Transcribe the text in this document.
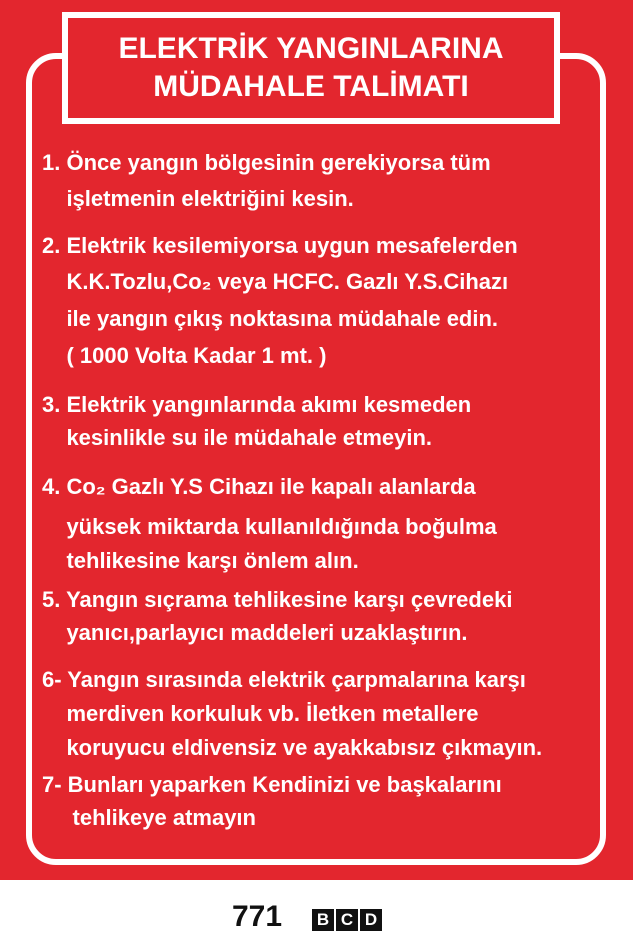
ELEKTRİK YANGINLARINA
MÜDAHALE TALİMATI
1. Önce yangın bölgesinin gerekiyorsa tüm
işletmenin elektriğini kesin.
2. Elektrik kesilemiyorsa uygun mesafelerden
K.K.Tozlu,Co₂ veya HCFC. Gazlı Y.S.Cihazı
ile yangın çıkış noktasına müdahale edin.
( 1000 Volta Kadar 1 mt. )
3. Elektrik yangınlarında akımı kesmeden
kesinlikle su ile müdahale etmeyin.
4. Co₂ Gazlı Y.S Cihazı ile kapalı alanlarda
yüksek miktarda kullanıldığında boğulma
tehlikesine karşı önlem alın.
5. Yangın sıçrama tehlikesine karşı çevredeki
yanıcı,parlayıcı maddeleri uzaklaştırın.
6- Yangın sırasında elektrik çarpmalarına karşı
merdiven korkuluk vb. İletken metallere
koruyucu eldivensiz ve ayakkabısız çıkmayın.
7- Bunları yaparken Kendinizi ve başkalarını
tehlikeye atmayın
771 B C D
